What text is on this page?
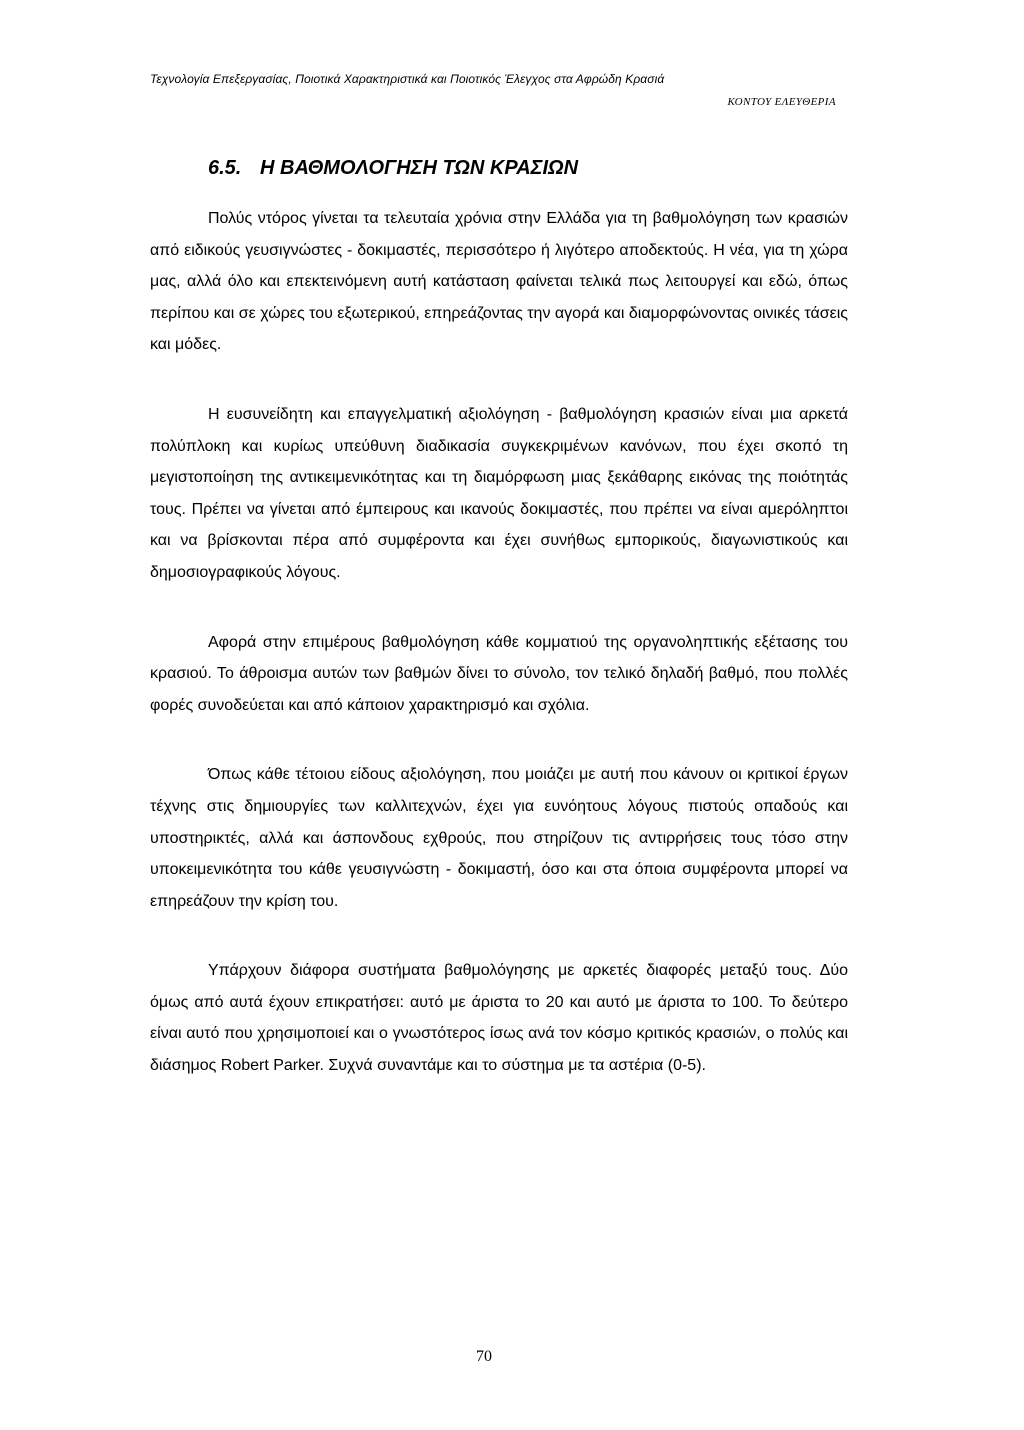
Τεχνολογία Επεξεργασίας, Ποιοτικά Χαρακτηριστικά και Ποιοτικός Έλεγχος στα Αφρώδη Κρασιά
ΚΟΝΤΟΥ ΕΛΕΥΘΕΡΙΑ
6.5. Η ΒΑΘΜΟΛΟΓΗΣΗ ΤΩΝ ΚΡΑΣΙΩΝ

Πολύς ντόρος γίνεται τα τελευταία χρόνια στην Ελλάδα για τη βαθμολόγηση των κρασιών από ειδικούς γευσιγνώστες - δοκιμαστές, περισσότερο ή λιγότερο αποδεκτούς. Η νέα, για τη χώρα μας, αλλά όλο και επεκτεινόμενη αυτή κατάσταση φαίνεται τελικά πως λειτουργεί και εδώ, όπως περίπου και σε χώρες του εξωτερικού, επηρεάζοντας την αγορά και διαμορφώνοντας οινικές τάσεις και μόδες.

Η ευσυνείδητη και επαγγελματική αξιολόγηση - βαθμολόγηση κρασιών είναι μια αρκετά πολύπλοκη και κυρίως υπεύθυνη διαδικασία συγκεκριμένων κανόνων, που έχει σκοπό τη μεγιστοποίηση της αντικειμενικότητας και τη διαμόρφωση μιας ξεκάθαρης εικόνας της ποιότητάς τους. Πρέπει να γίνεται από έμπειρους και ικανούς δοκιμαστές, που πρέπει να είναι αμερόληπτοι και να βρίσκονται πέρα από συμφέροντα και έχει συνήθως εμπορικούς, διαγωνιστικούς και δημοσιογραφικούς λόγους.

Αφορά στην επιμέρους βαθμολόγηση κάθε κομματιού της οργανοληπτικής εξέτασης του κρασιού. Το άθροισμα αυτών των βαθμών δίνει το σύνολο, τον τελικό δηλαδή βαθμό, που πολλές φορές συνοδεύεται και από κάποιον χαρακτηρισμό και σχόλια.

Όπως κάθε τέτοιου είδους αξιολόγηση, που μοιάζει με αυτή που κάνουν οι κριτικοί έργων τέχνης στις δημιουργίες των καλλιτεχνών, έχει για ευνόητους λόγους πιστούς οπαδούς και υποστηρικτές, αλλά και άσπονδους εχθρούς, που στηρίζουν τις αντιρρήσεις τους τόσο στην υποκειμενικότητα του κάθε γευσιγνώστη - δοκιμαστή, όσο και στα όποια συμφέροντα μπορεί να επηρεάζουν την κρίση του.

Υπάρχουν διάφορα συστήματα βαθμολόγησης με αρκετές διαφορές μεταξύ τους. Δύο όμως από αυτά έχουν επικρατήσει: αυτό με άριστα το 20 και αυτό με άριστα το 100. Το δεύτερο είναι αυτό που χρησιμοποιεί και ο γνωστότερος ίσως ανά τον κόσμο κριτικός κρασιών, ο πολύς και διάσημος Robert Parker. Συχνά συναντάμε και το σύστημα με τα αστέρια (0-5).

70
